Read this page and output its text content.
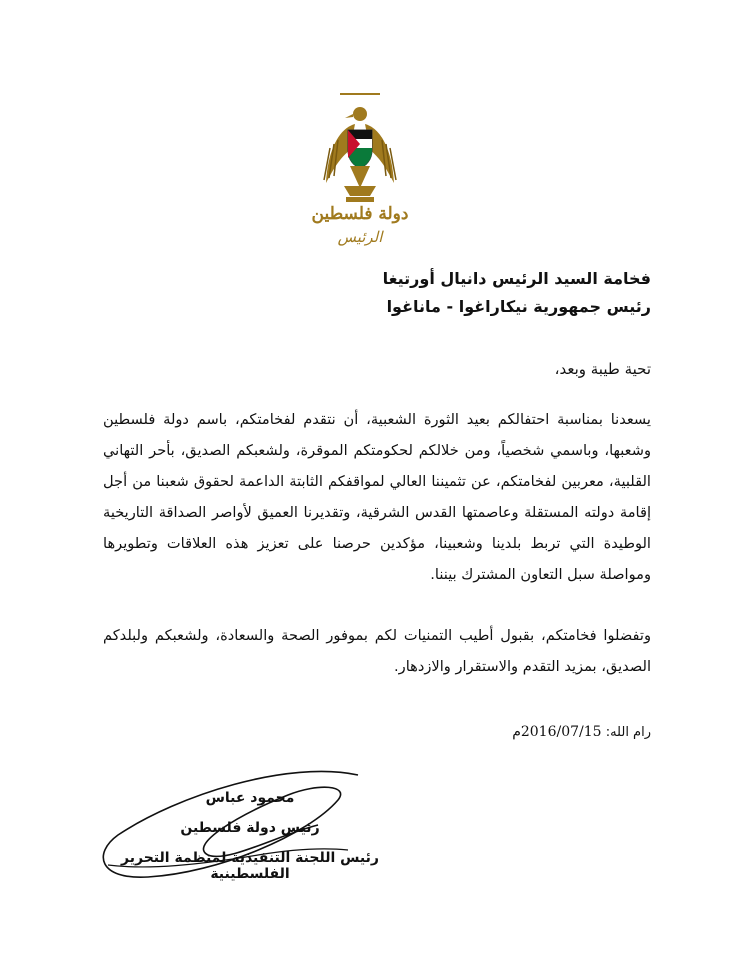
دولة فلسطين
الرئيس
فخامة السيد الرئيس دانيال أورتيغا
رئيس جمهورية نيكاراغوا - ماناغوا
تحية طيبة وبعد،
يسعدنا بمناسبة احتفالكم بعيد الثورة الشعبية، أن نتقدم لفخامتكم، باسم دولة فلسطين وشعبها، وباسمي شخصياً، ومن خلالكم لحكومتكم الموقرة، ولشعبكم الصديق، بأحر التهاني القلبية، معربين لفخامتكم، عن تثميننا العالي لمواقفكم الثابتة الداعمة لحقوق شعبنا من أجل إقامة دولته المستقلة وعاصمتها القدس الشرقية، وتقديرنا العميق لأواصر الصداقة التاريخية الوطيدة التي تربط بلدينا وشعبينا، مؤكدين حرصنا على تعزيز هذه العلاقات وتطويرها ومواصلة سبل التعاون المشترك بيننا.
وتفضلوا فخامتكم، بقبول أطيب التمنيات لكم بموفور الصحة والسعادة، ولشعبكم ولبلدكم الصديق، بمزيد التقدم والاستقرار والازدهار.
رام الله: 2016/07/15م
محمود عباس
رئيس دولة فلسطين
رئيس اللجنة التنفيذية لمنظمة التحرير الفلسطينية
